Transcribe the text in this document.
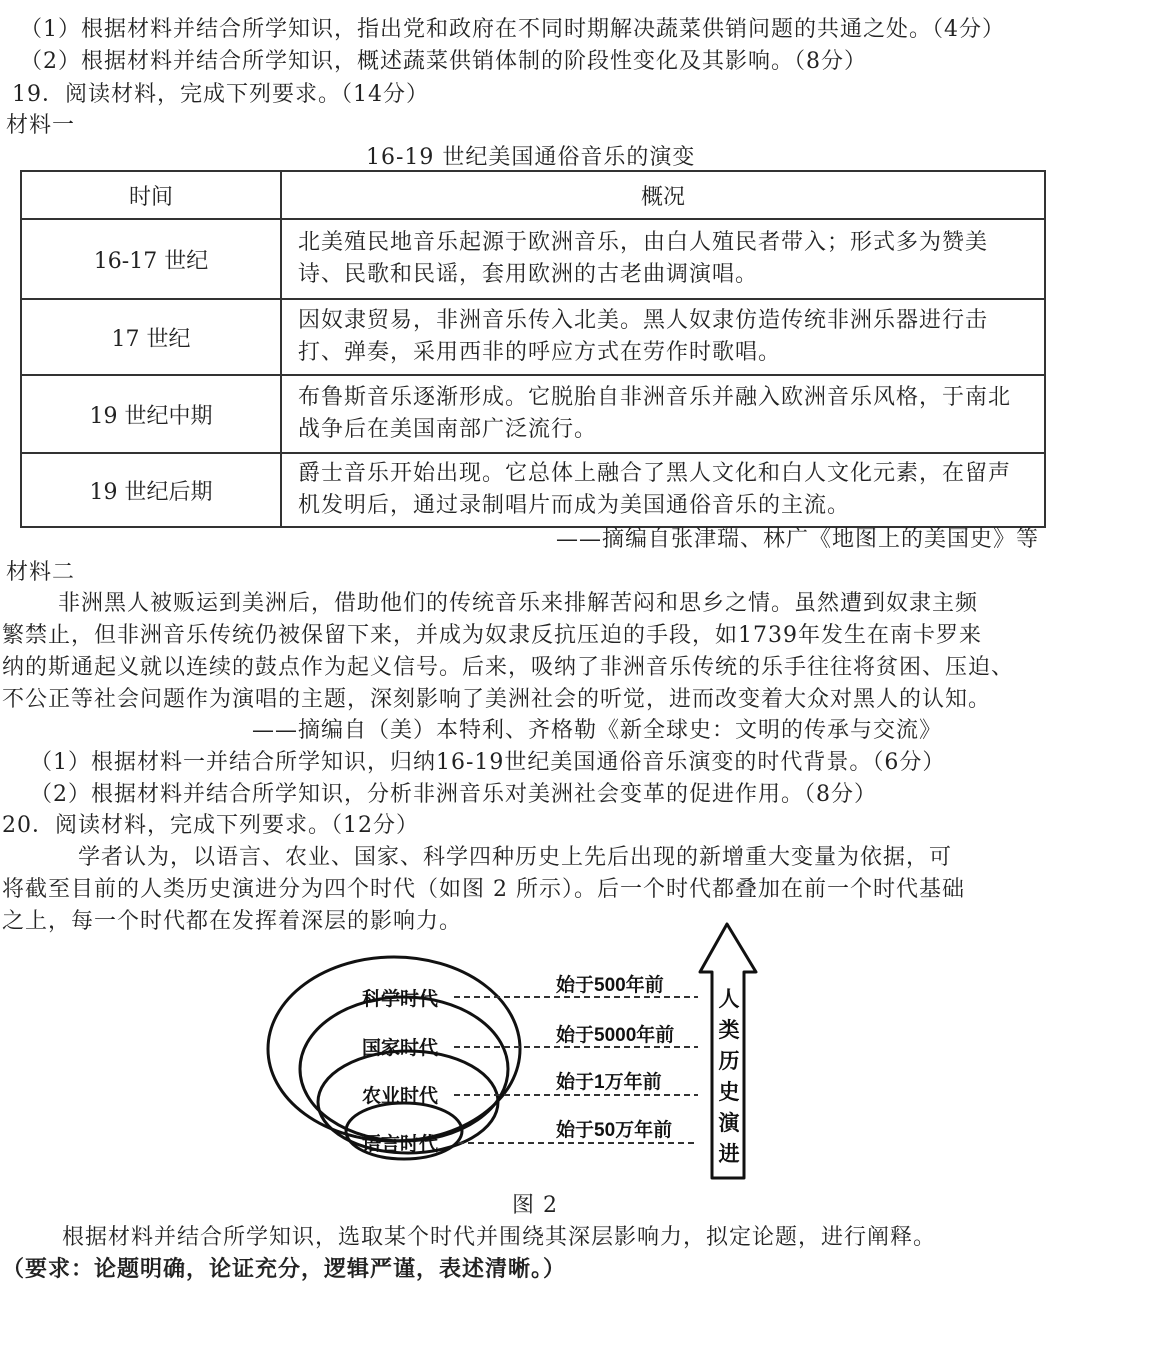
（1）根据材料并结合所学知识，指出党和政府在不同时期解决蔬菜供销问题的共通之处。（4分）
（2）根据材料并结合所学知识，概述蔬菜供销体制的阶段性变化及其影响。（8分）
19．阅读材料，完成下列要求。（14分）
材料一
16-19 世纪美国通俗音乐的演变
时间	概况
16-17 世纪	北美殖民地音乐起源于欧洲音乐，由白人殖民者带入；形式多为赞美诗、民歌和民谣，套用欧洲的古老曲调演唱。
17 世纪	因奴隶贸易，非洲音乐传入北美。黑人奴隶仿造传统非洲乐器进行击打、弹奏，采用西非的呼应方式在劳作时歌唱。
19 世纪中期	布鲁斯音乐逐渐形成。它脱胎自非洲音乐并融入欧洲音乐风格，于南北战争后在美国南部广泛流行。
19 世纪后期	爵士音乐开始出现。它总体上融合了黑人文化和白人文化元素，在留声机发明后，通过录制唱片而成为美国通俗音乐的主流。
——摘编自张津瑞、林广《地图上的美国史》等
材料二
非洲黑人被贩运到美洲后，借助他们的传统音乐来排解苦闷和思乡之情。虽然遭到奴隶主频
繁禁止，但非洲音乐传统仍被保留下来，并成为奴隶反抗压迫的手段，如1739年发生在南卡罗来
纳的斯通起义就以连续的鼓点作为起义信号。后来，吸纳了非洲音乐传统的乐手往往将贫困、压迫、
不公正等社会问题作为演唱的主题，深刻影响了美洲社会的听觉，进而改变着大众对黑人的认知。
——摘编自（美）本特利、齐格勒《新全球史：文明的传承与交流》
（1）根据材料一并结合所学知识，归纳16-19世纪美国通俗音乐演变的时代背景。（6分）
（2）根据材料并结合所学知识，分析非洲音乐对美洲社会变革的促进作用。（8分）
20．阅读材料，完成下列要求。（12分）
学者认为，以语言、农业、国家、科学四种历史上先后出现的新增重大变量为依据，可
将截至目前的人类历史演进分为四个时代（如图 2 所示）。后一个时代都叠加在前一个时代基础
之上，每一个时代都在发挥着深层的影响力。
科学时代
国家时代
农业时代
语言时代
始于500年前
始于5000年前
始于1万年前
始于50万年前
人
类
历
史
演
进
图 2
根据材料并结合所学知识，选取某个时代并围绕其深层影响力，拟定论题，进行阐释。
（要求：论题明确，论证充分，逻辑严谨，表述清晰。）
